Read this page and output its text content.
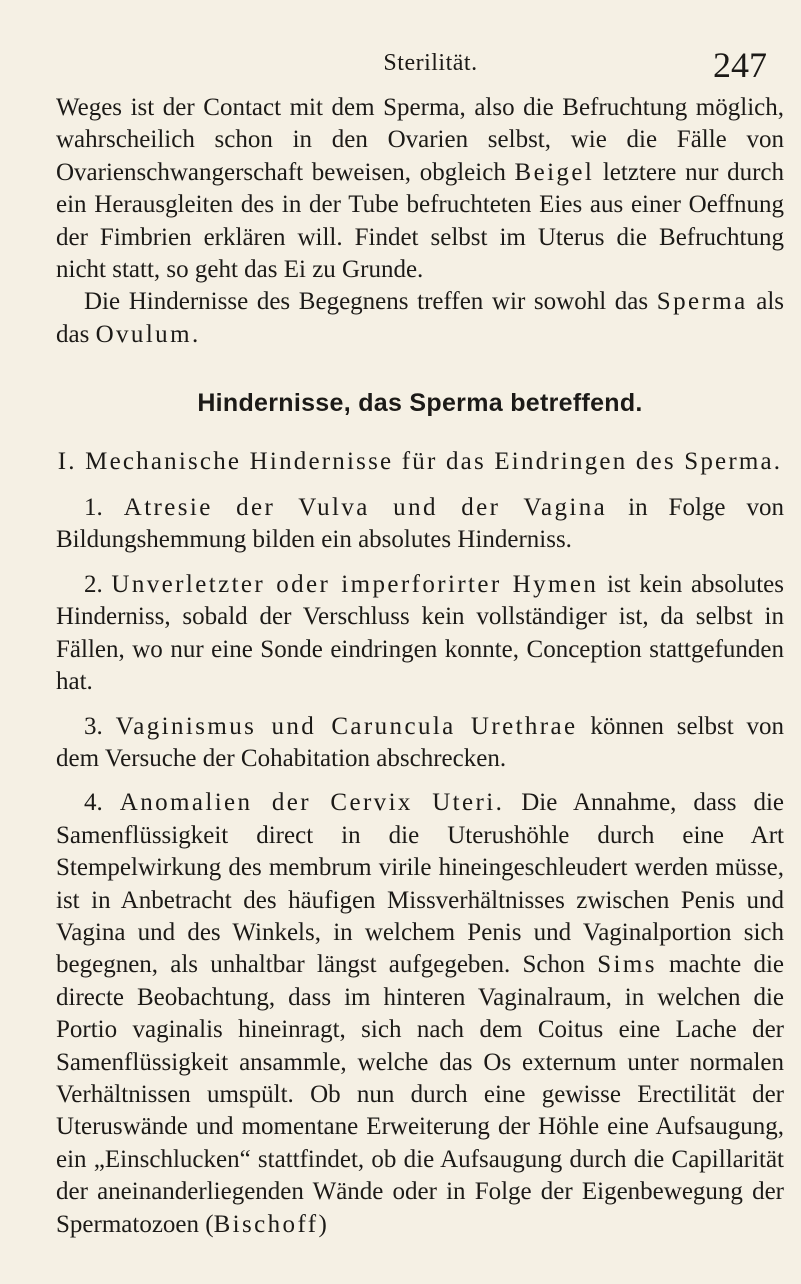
Sterilität.	247

Weges ist der Contact mit dem Sperma, also die Befruchtung möglich, wahrscheilich schon in den Ovarien selbst, wie die Fälle von Ovarienschwangerschaft beweisen, obgleich Beigel letztere nur durch ein Herausgleiten des in der Tube befruchteten Eies aus einer Oeffnung der Fimbrien erklären will. Findet selbst im Uterus die Befruchtung nicht statt, so geht das Ei zu Grunde.

Die Hindernisse des Begegnens treffen wir sowohl das Sperma als das Ovulum.

Hindernisse, das Sperma betreffend.
I. Mechanische Hindernisse für das Eindringen des Sperma.

1. Atresie der Vulva und der Vagina in Folge von Bildungshemmung bilden ein absolutes Hinderniss.

2. Unverletzter oder imperforirter Hymen ist kein absolutes Hinderniss, sobald der Verschluss kein vollständiger ist, da selbst in Fällen, wo nur eine Sonde eindringen konnte, Conception stattgefunden hat.

3. Vaginismus und Caruncula Urethrae können selbst von dem Versuche der Cohabitation abschrecken.

4. Anomalien der Cervix Uteri. Die Annahme, dass die Samenflüssigkeit direct in die Uterushöhle durch eine Art Stempelwirkung des membrum virile hineingeschleudert werden müsse, ist in Anbetracht des häufigen Missverhältnisses zwischen Penis und Vagina und des Winkels, in welchem Penis und Vaginalportion sich begegnen, als unhaltbar längst aufgegeben. Schon Sims machte die directe Beobachtung, dass im hinteren Vaginalraum, in welchen die Portio vaginalis hineinragt, sich nach dem Coitus eine Lache der Samenflüssigkeit ansammle, welche das Os externum unter normalen Verhältnissen umspült. Ob nun durch eine gewisse Erectilität der Uteruswände und momentane Erweiterung der Höhle eine Aufsaugung, ein „Einschlucken“ stattfindet, ob die Aufsaugung durch die Capillarität der aneinanderliegenden Wände oder in Folge der Eigenbewegung der Spermatozoen (Bischoff)
